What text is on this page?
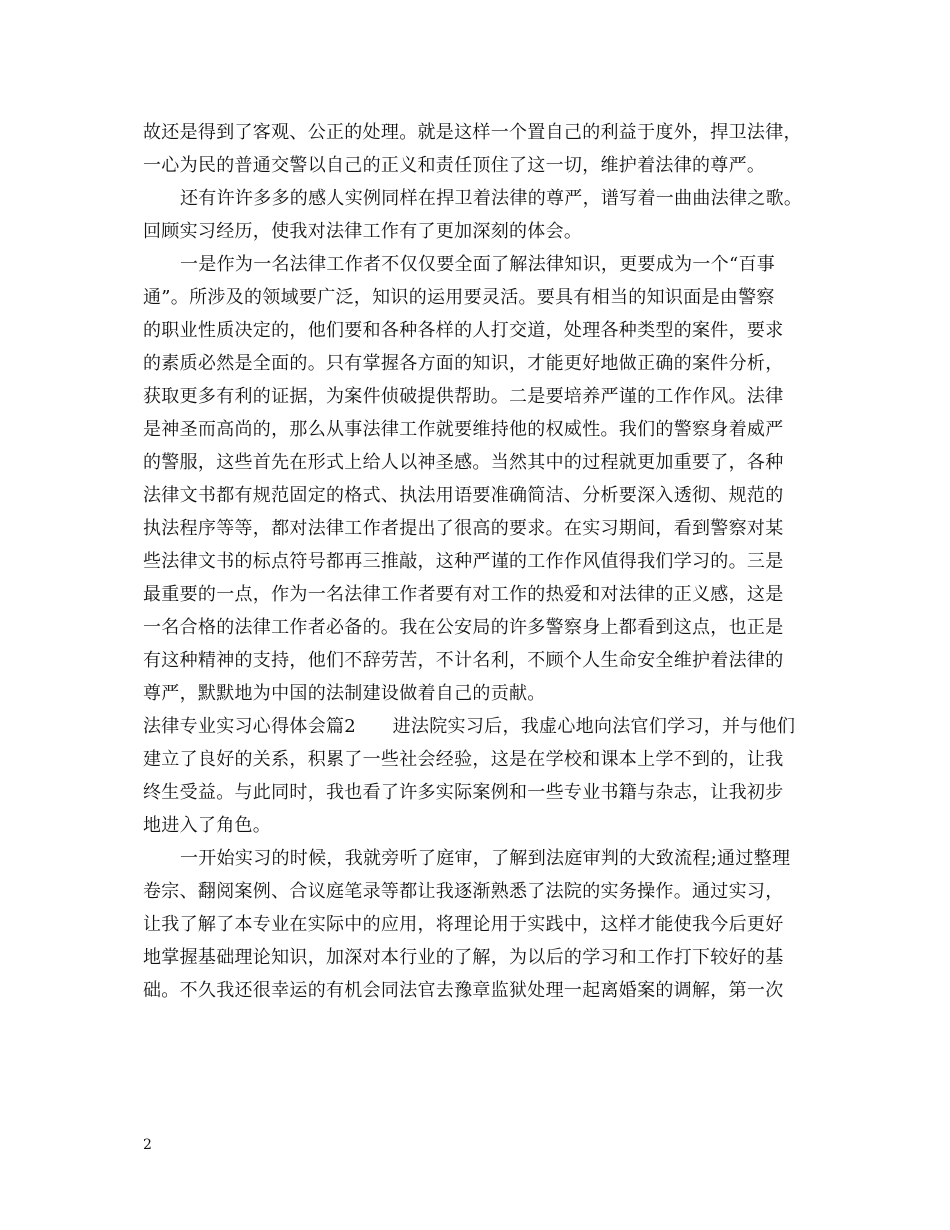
故还是得到了客观、公正的处理。就是这样一个置自己的利益于度外，捍卫法律，
一心为民的普通交警以自己的正义和责任顶住了这一切，维护着法律的尊严。
还有许许多多的感人实例同样在捍卫着法律的尊严，谱写着一曲曲法律之歌。
回顾实习经历，使我对法律工作有了更加深刻的体会。
一是作为一名法律工作者不仅仅要全面了解法律知识，更要成为一个“百事
通”。所涉及的领域要广泛，知识的运用要灵活。要具有相当的知识面是由警察
的职业性质决定的，他们要和各种各样的人打交道，处理各种类型的案件，要求
的素质必然是全面的。只有掌握各方面的知识，才能更好地做正确的案件分析，
获取更多有利的证据，为案件侦破提供帮助。二是要培养严谨的工作作风。法律
是神圣而高尚的，那么从事法律工作就要维持他的权威性。我们的警察身着威严
的警服，这些首先在形式上给人以神圣感。当然其中的过程就更加重要了，各种
法律文书都有规范固定的格式、执法用语要准确简洁、分析要深入透彻、规范的
执法程序等等，都对法律工作者提出了很高的要求。在实习期间，看到警察对某
些法律文书的标点符号都再三推敲，这种严谨的工作作风值得我们学习的。三是
最重要的一点，作为一名法律工作者要有对工作的热爱和对法律的正义感，这是
一名合格的法律工作者必备的。我在公安局的许多警察身上都看到这点，也正是
有这种精神的支持，他们不辞劳苦，不计名利，不顾个人生命安全维护着法律的
尊严，默默地为中国的法制建设做着自己的贡献。
法律专业实习心得体会篇2　　进法院实习后，我虚心地向法官们学习，并与他们
建立了良好的关系，积累了一些社会经验，这是在学校和课本上学不到的，让我
终生受益。与此同时，我也看了许多实际案例和一些专业书籍与杂志，让我初步
地进入了角色。
一开始实习的时候，我就旁听了庭审，了解到法庭审判的大致流程;通过整理
卷宗、翻阅案例、合议庭笔录等都让我逐渐熟悉了法院的实务操作。通过实习，
让我了解了本专业在实际中的应用，将理论用于实践中，这样才能使我今后更好
地掌握基础理论知识，加深对本行业的了解，为以后的学习和工作打下较好的基
础。不久我还很幸运的有机会同法官去豫章监狱处理一起离婚案的调解，第一次
2
